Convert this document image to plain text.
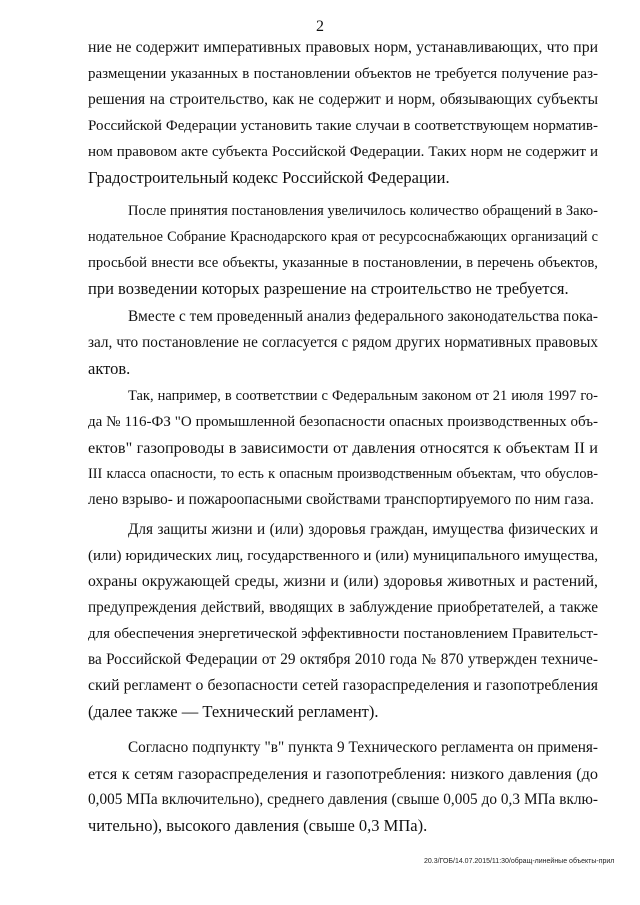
2
ние не содержит императивных правовых норм, устанавливающих, что при
размещении указанных в постановлении объектов не требуется получение раз-
решения на строительство, как не содержит и норм, обязывающих субъекты
Российской Федерации установить такие случаи в соответствующем норматив-
ном правовом акте субъекта Российской Федерации. Таких норм не содержит и
Градостроительный кодекс Российской Федерации.
После принятия постановления увеличилось количество обращений в Зако-
нодательное Собрание Краснодарского края от ресурсоснабжающих организаций с
просьбой внести все объекты, указанные в постановлении, в перечень объектов,
при возведении которых разрешение на строительство не требуется.
Вместе с тем проведенный анализ федерального законодательства пока-
зал, что постановление не согласуется с рядом других нормативных правовых
актов.
Так, например, в соответствии с Федеральным законом от 21 июля 1997 го-
да № 116-ФЗ "О промышленной безопасности опасных производственных объ-
ектов" газопроводы в зависимости от давления относятся к объектам II и
III класса опасности, то есть к опасным производственным объектам, что обуслов-
лено взрыво- и пожароопасными свойствами транспортируемого по ним газа.
Для защиты жизни и (или) здоровья граждан, имущества физических и
(или) юридических лиц, государственного и (или) муниципального имущества,
охраны окружающей среды, жизни и (или) здоровья животных и растений,
предупреждения действий, вводящих в заблуждение приобретателей, а также
для обеспечения энергетической эффективности постановлением Правительст-
ва Российской Федерации от 29 октября 2010 года № 870 утвержден техниче-
ский регламент о безопасности сетей газораспределения и газопотребления
(далее также — Технический регламент).
Согласно подпункту "в" пункта 9 Технического регламента он применя-
ется к сетям газораспределения и газопотребления: низкого давления (до
0,005 МПа включительно), среднего давления (свыше 0,005 до 0,3 МПа вклю-
чительно), высокого давления (свыше 0,3 МПа).
20.3/ГОБ/14.07.2015/11:30/обращ-линейные объекты-прил
